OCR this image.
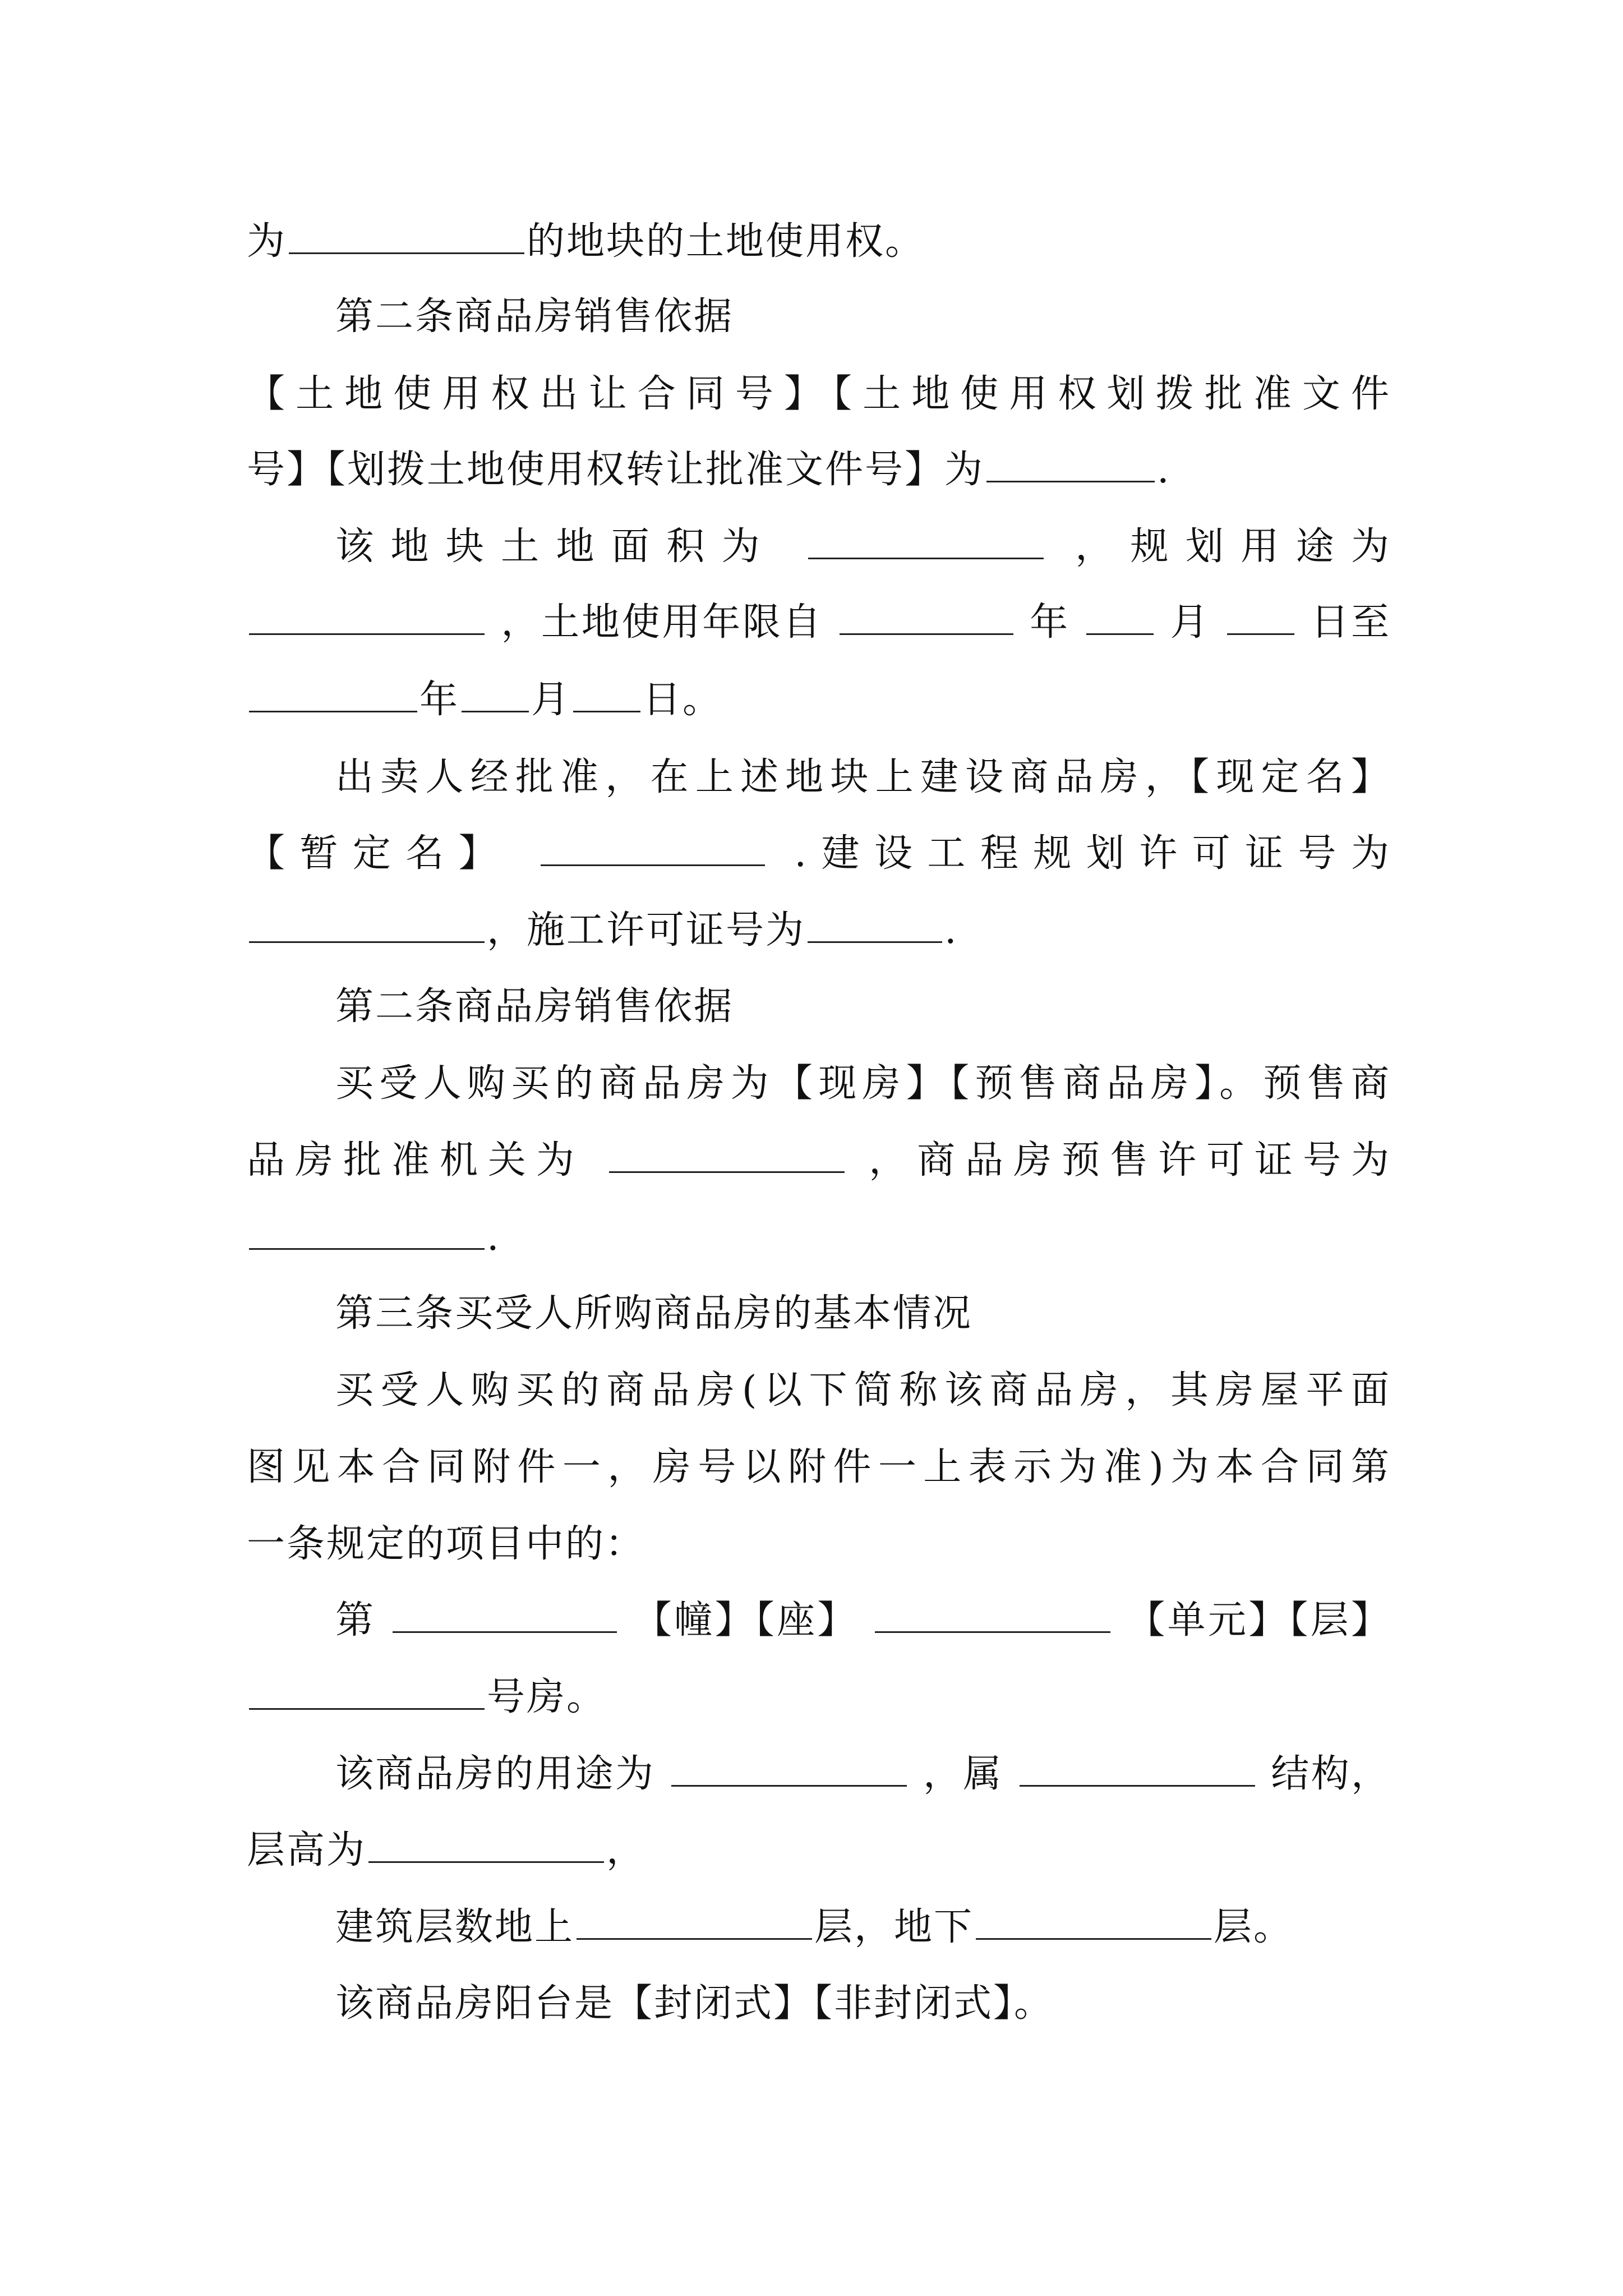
为	的地块的土地使用权。
第二条商品房销售依据
【土地使用权出让合同号】【土地使用权划拨批准文件
号】【划拨土地使用权转让批准文件号】为	.
该地块土地面积为	，规划用途为
，土地使用年限自	年	月	日至
年 月 日。
出卖人经批准，在上述地块上建设商品房，【现定名】
【暂定名】	.建设工程规划许可证号为
，施工许可证号为	.
第二条商品房销售依据
买受人购买的商品房为【现房】【预售商品房】。预售商
品房批准机关为	，商品房预售许可证号为
.
第三条买受人所购商品房的基本情况
买受人购买的商品房(以下简称该商品房，其房屋平面
图见本合同附件一，房号以附件一上表示为准)为本合同第
一条规定的项目中的：
第	【幢】【座】	【单元】【层】
号房。
该商品房的用途为	，属	结构，
层高为	，
建筑层数地上	层，地下	层。
该商品房阳台是【封闭式】【非封闭式】。
